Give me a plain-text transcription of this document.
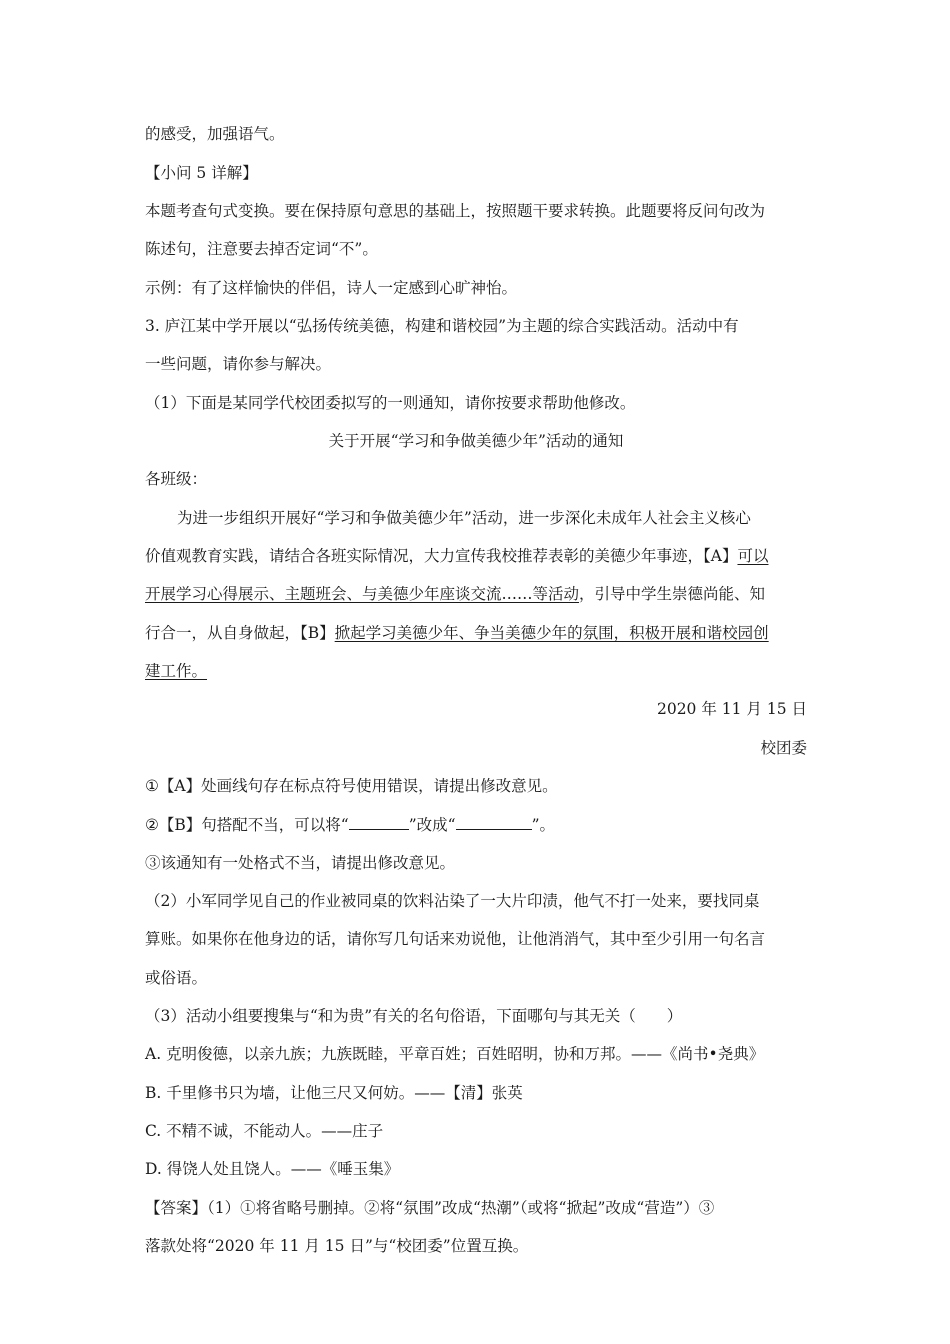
的感受，加强语气。
【小问 5 详解】
本题考查句式变换。要在保持原句意思的基础上，按照题干要求转换。此题要将反问句改为
陈述句，注意要去掉否定词“不”。
示例：有了这样愉快的伴侣，诗人一定感到心旷神怡。
3. 庐江某中学开展以“弘扬传统美德，构建和谐校园”为主题的综合实践活动。活动中有
一些问题，请你参与解决。
（1）下面是某同学代校团委拟写的一则通知，请你按要求帮助他修改。
关于开展“学习和争做美德少年”活动的通知
各班级：
为进一步组织开展好“学习和争做美德少年”活动，进一步深化未成年人社会主义核心
价值观教育实践，请结合各班实际情况，大力宣传我校推荐表彰的美德少年事迹，【A】可以
开展学习心得展示、主题班会、与美德少年座谈交流……等活动，引导中学生崇德尚能、知
行合一，从自身做起，【B】掀起学习美德少年、争当美德少年的氛围，积极开展和谐校园创
建工作。
2020 年 11 月 15 日
校团委
①【A】处画线句存在标点符号使用错误，请提出修改意见。
②【B】句搭配不当，可以将“	”改成“	”。
③该通知有一处格式不当，请提出修改意见。
（2）小军同学见自己的作业被同桌的饮料沾染了一大片印渍，他气不打一处来，要找同桌
算账。如果你在他身边的话，请你写几句话来劝说他，让他消消气，其中至少引用一句名言
或俗语。
（3）活动小组要搜集与“和为贵”有关的名句俗语，下面哪句与其无关（　　）
A. 克明俊德，以亲九族；九族既睦，平章百姓；百姓昭明，协和万邦。——《尚书•尧典》
B. 千里修书只为墙，让他三尺又何妨。——【清】张英
C. 不精不诚，不能动人。——庄子
D. 得饶人处且饶人。——《唾玉集》
【答案】（1）①将省略号删掉。②将“氛围”改成“热潮”（或将“掀起”改成“营造”）③
落款处将“2020 年 11 月 15 日”与“校团委”位置互换。
